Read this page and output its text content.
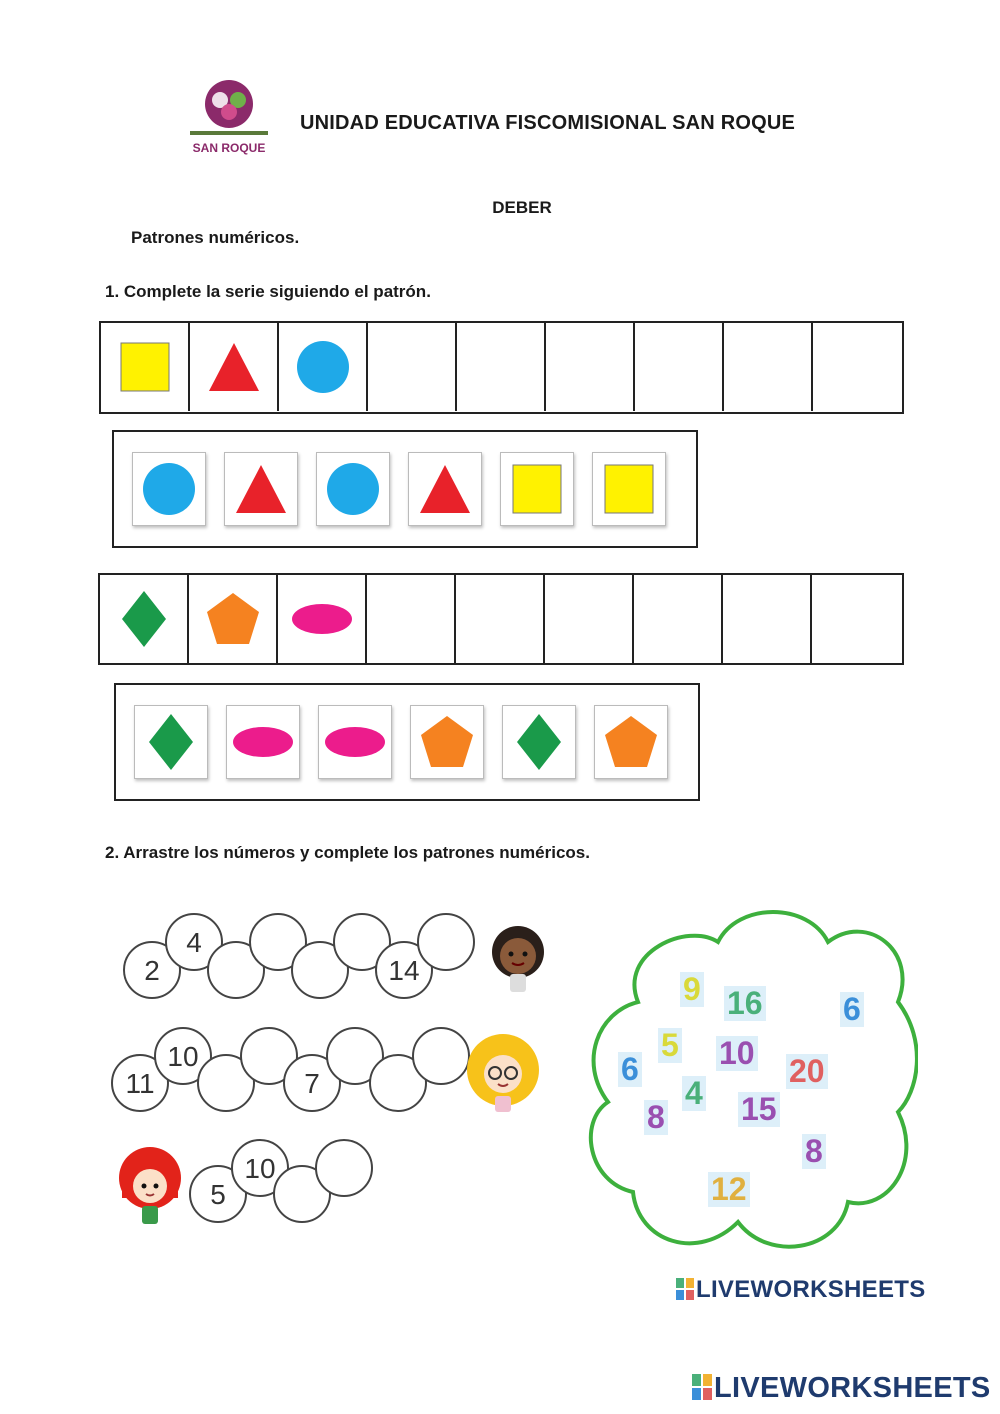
SAN ROQUE
UNIDAD EDUCATIVA FISCOMISIONAL SAN ROQUE
DEBER
Patrones numéricos.
1. Complete la serie siguiendo el patrón.
2. Arrastre los números y complete los patrones numéricos.
2
4
14
11
10
7
5
10
9 16	6
5 10
6	20
4 15
8
8
12
LIVEWORKSHEETS
LIVEWORKSHEETS
